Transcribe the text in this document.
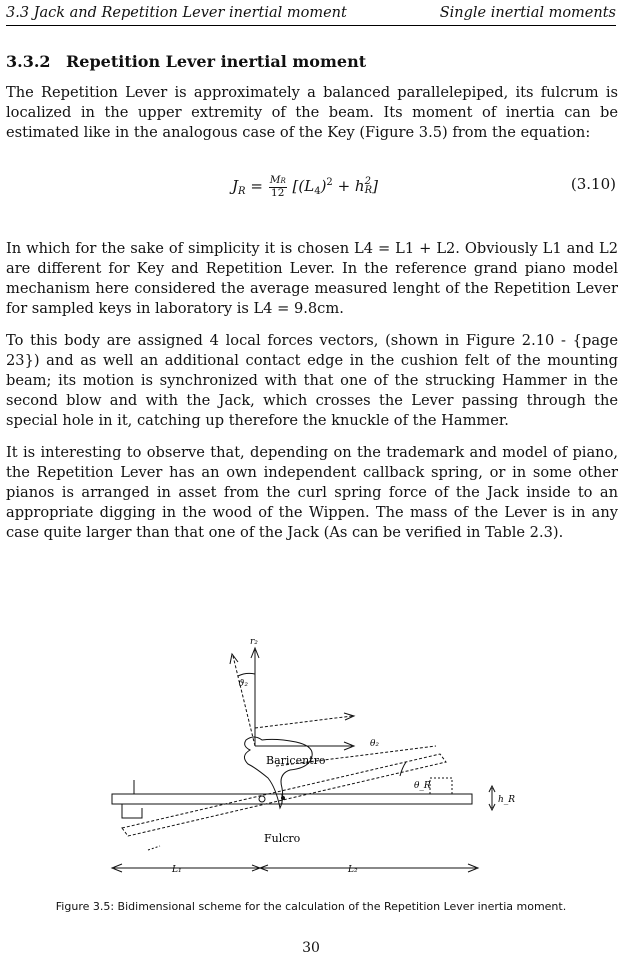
3.3 Jack and Repetition Lever inertial moment	Single inertial moments
3.3.2 Repetition Lever inertial moment
The Repetition Lever is approximately a balanced parallelepiped, its fulcrum is localized in the upper extremity of the beam. Its moment of inertia can be estimated like in the analogous case of the Key (Figure 3.5) from the equation:
$J_R = \frac{MR}{12} [(L_4)^2 + h$ 2
R ]	(3.10)
In which for the sake of simplicity it is chosen L4 = L1 + L2. Obviously L1 and L2 are different for Key and Repetition Lever. In the reference grand piano model mechanism here considered the average measured lenght of the Repetition Lever for sampled keys in laboratory is L4 = 9.8cm.
To this body are assigned 4 local forces vectors, (shown in Figure 2.10 - {page 23}) and as well an additional contact edge in the cushion felt of the mounting beam; its motion is synchronized with that one of the strucking Hammer in the second blow and with the Jack, which crosses the Lever passing through the special hole in it, catching up therefore the knuckle of the Hammer.
It is interesting to observe that, depending on the trademark and model of piano, the Repetition Lever has an own independent callback spring, or in some other pianos is arranged in asset from the curl spring force of the Jack inside to an appropriate digging in the wood of the Wippen. The mass of the Lever is in any case quite larger than that one of the Jack (As can be verified in Table 2.3).
Baricentro
Fulcro
r₂
ϑ₂
θ₂
θ_R
h_R
L₁	L₂
Figure 3.5: Bidimensional scheme for the calculation of the Repetition Lever inertia moment.
30
